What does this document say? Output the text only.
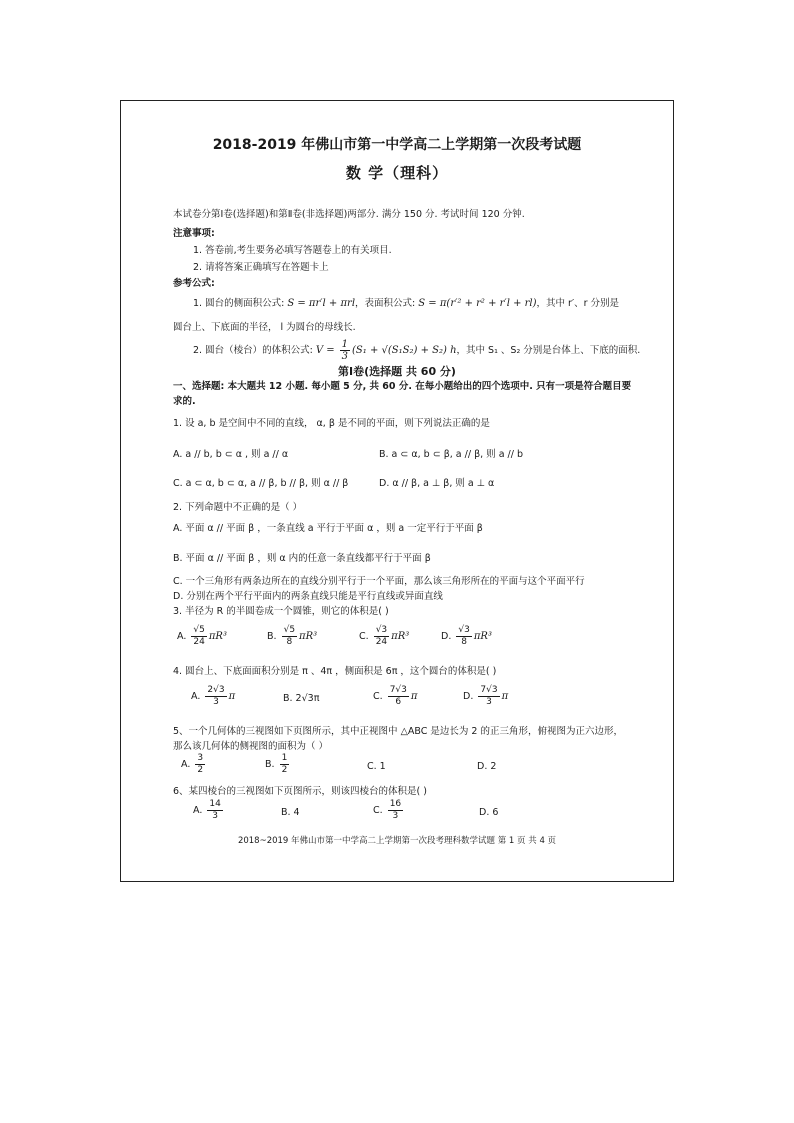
2018-2019 年佛山市第一中学高二上学期第一次段考试题
数 学（理科）
本试卷分第Ⅰ卷(选择题)和第Ⅱ卷(非选择题)两部分. 满分 150 分. 考试时间 120 分钟.
注意事项:
1. 答卷前,考生要务必填写答题卷上的有关项目.
2. 请将答案正确填写在答题卡上
参考公式:
1. 圆台的侧面积公式: S = πr′l + πrl，表面积公式: S = π(r′² + r² + r′l + rl)，其中 r′、r 分别是
圆台上、下底面的半径， l 为圆台的母线长.
2. 圆台（棱台）的体积公式: $V = \frac{1}{3} (S_1 + √(S_1S_2) + S_2)$ h，其中 S₁ 、S₂ 分别是台体上、下底的面积.
第Ⅰ卷(选择题 共 60 分)
一、选择题: 本大题共 12 小题. 每小题 5 分, 共 60 分. 在每小题给出的四个选项中. 只有一项是符合题目要
求的.
1. 设 a, b 是空间中不同的直线， α, β 是不同的平面，则下列说法正确的是
A. a // b, b ⊂ α , 则 a // α	B. a ⊂ α, b ⊂ β, a // β, 则 a // b
C. a ⊂ α, b ⊂ α, a // β, b // β, 则 α // β	D. α // β, a ⊥ β, 则 a ⊥ α
2. 下列命题中不正确的是（ ）
A. 平面 α // 平面 β ，一条直线 a 平行于平面 α ，则 a 一定平行于平面 β
B. 平面 α // 平面 β ，则 α 内的任意一条直线都平行于平面 β
C. 一个三角形有两条边所在的直线分别平行于一个平面，那么该三角形所在的平面与这个平面平行
D. 分别在两个平行平面内的两条直线只能是平行直线或异面直线
3. 半径为 R 的半圆卷成一个圆锥，则它的体积是( )
A. $\frac{√5}{24} \pi R^3$	B. $\frac{√5}{8} \pi R^3$	C. $\frac{√3}{24} \pi R^3$	D. $\frac{√3}{8} \pi R^3$
4. 圆台上、下底面面积分别是 π 、4π ，侧面积是 6π ，这个圆台的体积是( )
A. $\frac{2√3}{3}$ π	B. 2√3π	C. $\frac{7√3}{6}$ π	D. $\frac{7√3}{3}$ π
5、一个几何体的三视图如下页图所示，其中正视图中 △ABC 是边长为 2 的正三角形，俯视图为正六边形，
那么该几何体的侧视图的面积为（ ）
A. $\frac{3}{2}$	B. $\frac{1}{2}$	C. 1	D. 2
6、某四棱台的三视图如下页图所示，则该四棱台的体积是( )
A. $\frac{14}{3}$	B. 4	C. $\frac{16}{3}$	D. 6
2018~2019 年佛山市第一中学高二上学期第一次段考理科数学试题 第 1 页 共 4 页
